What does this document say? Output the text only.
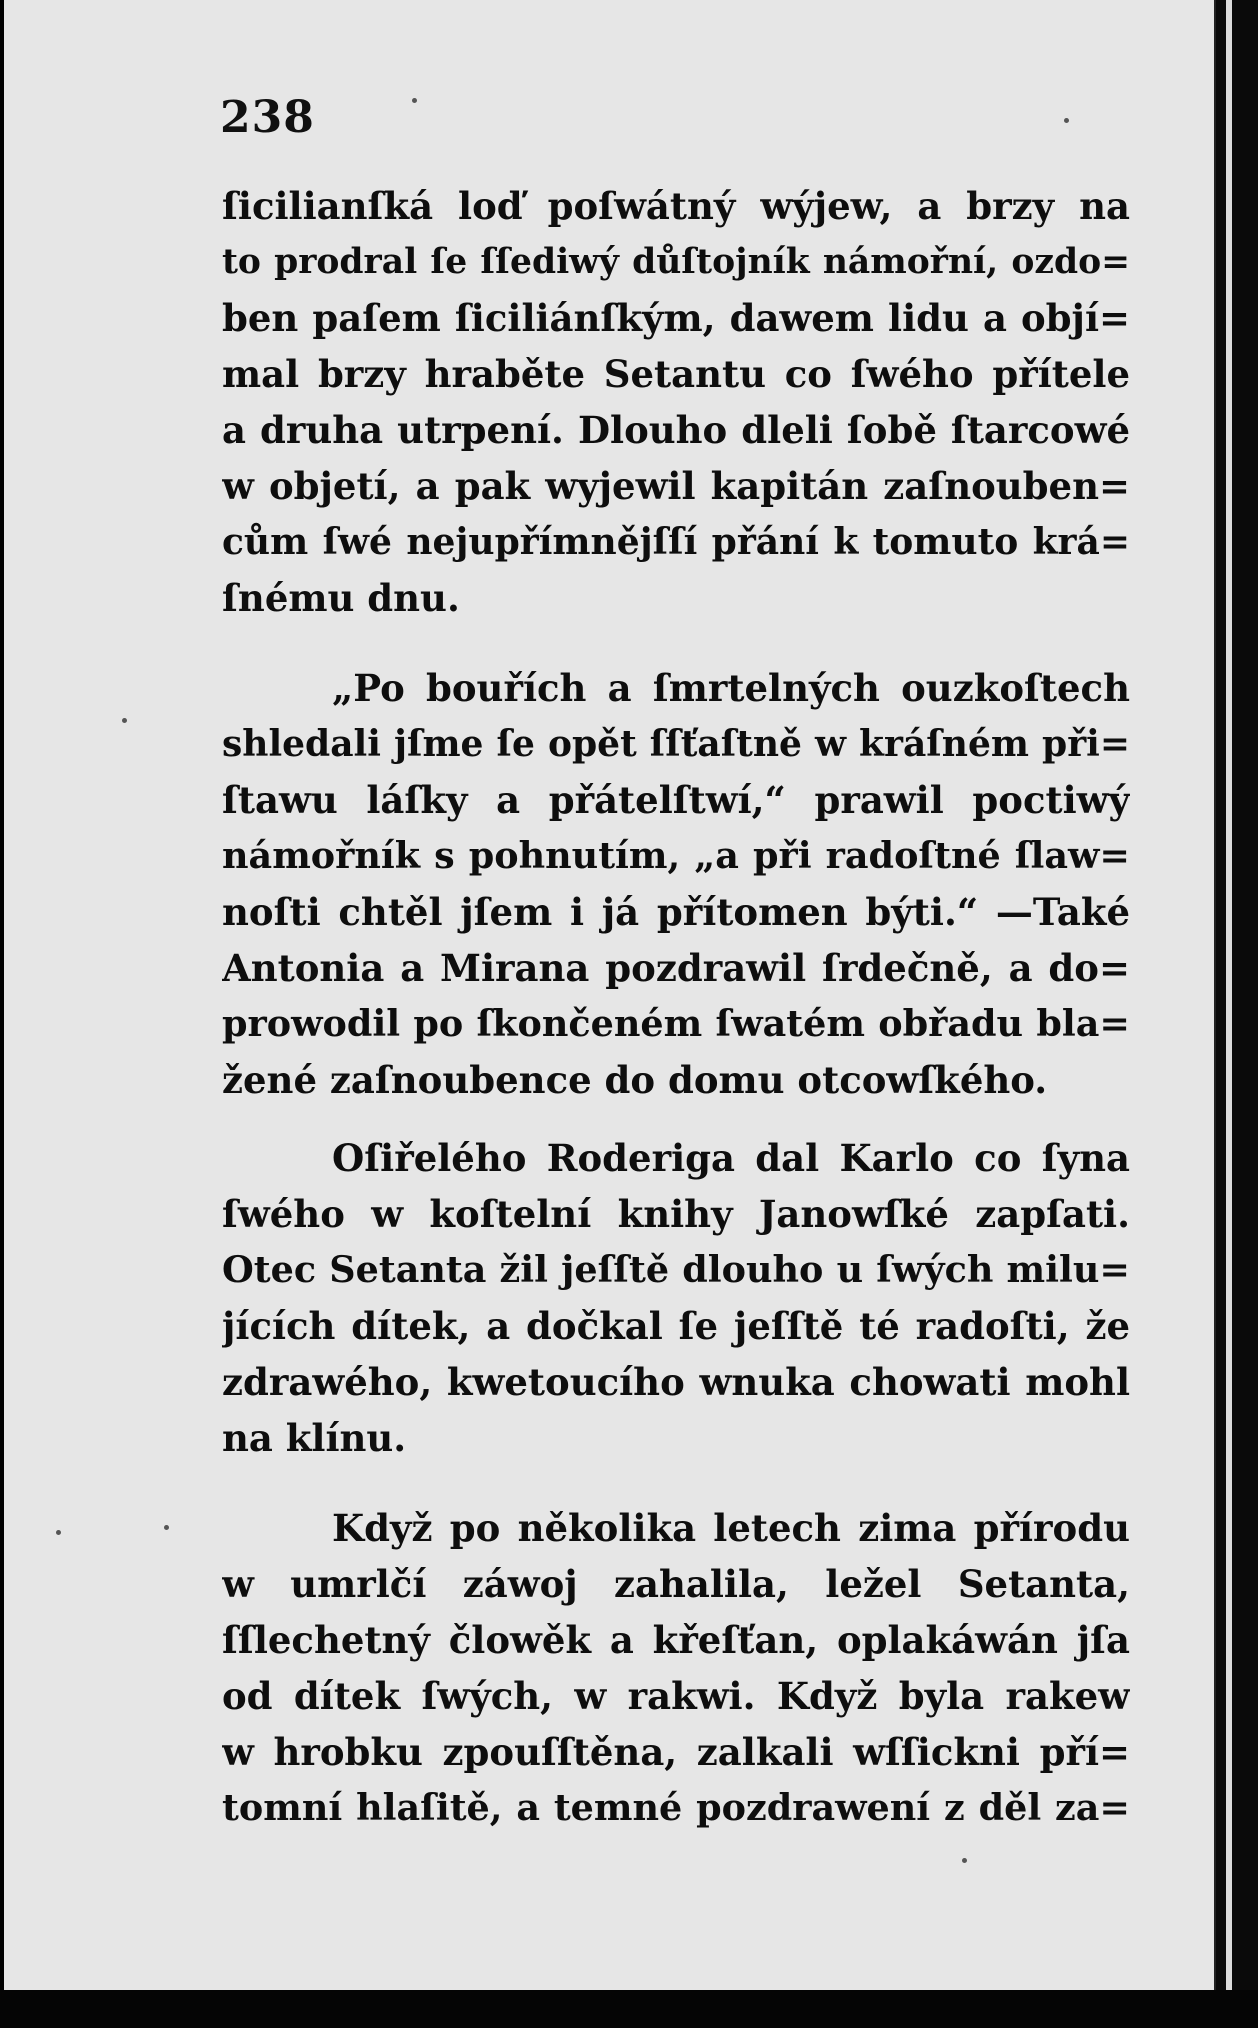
238
ſicilianſká loď poſwátný wýjew, a brzy na
to prodral ſe ſſediwý důſtojník námořní, ozdo=
ben paſem ſiciliánſkým, dawem lidu a objí=
mal brzy hraběte Setantu co ſwého přítele
a druha utrpení. Dlouho dleli ſobě ſtarcowé
w objetí, a pak wyjewil kapitán zaſnouben=
cům ſwé nejupřímnějſſí přání k tomuto krá=
ſnému dnu.
„Po bouřích a ſmrtelných ouzkoſtech
shledali jſme ſe opět ſſťaſtně w kráſném při=
ſtawu láſky a přátelſtwí,“ prawil poctiwý
námořník s pohnutím, „a při radoſtné ſlaw=
noſti chtěl jſem i já přítomen býti.“ —Také
Antonia a Mirana pozdrawil ſrdečně, a do=
prowodil po ſkončeném ſwatém obřadu bla=
žené zaſnoubence do domu otcowſkého.
Oſiřelého Roderiga dal Karlo co ſyna
ſwého w koſtelní knihy Janowſké zapſati.
Otec Setanta žil jeſſtě dlouho u ſwých milu=
jících dítek, a dočkal ſe jeſſtě té radoſti, že
zdrawého, kwetoucího wnuka chowati mohl
na klínu.
Když po několika letech zima přírodu
w umrlčí záwoj zahalila, ležel Setanta,
ſſlechetný člowěk a křeſťan, oplakáwán jſa
od dítek ſwých, w rakwi. Když byla rakew
w hrobku zpouſſtěna, zalkali wſſickni pří=
tomní hlaſitě, a temné pozdrawení z děl za=
